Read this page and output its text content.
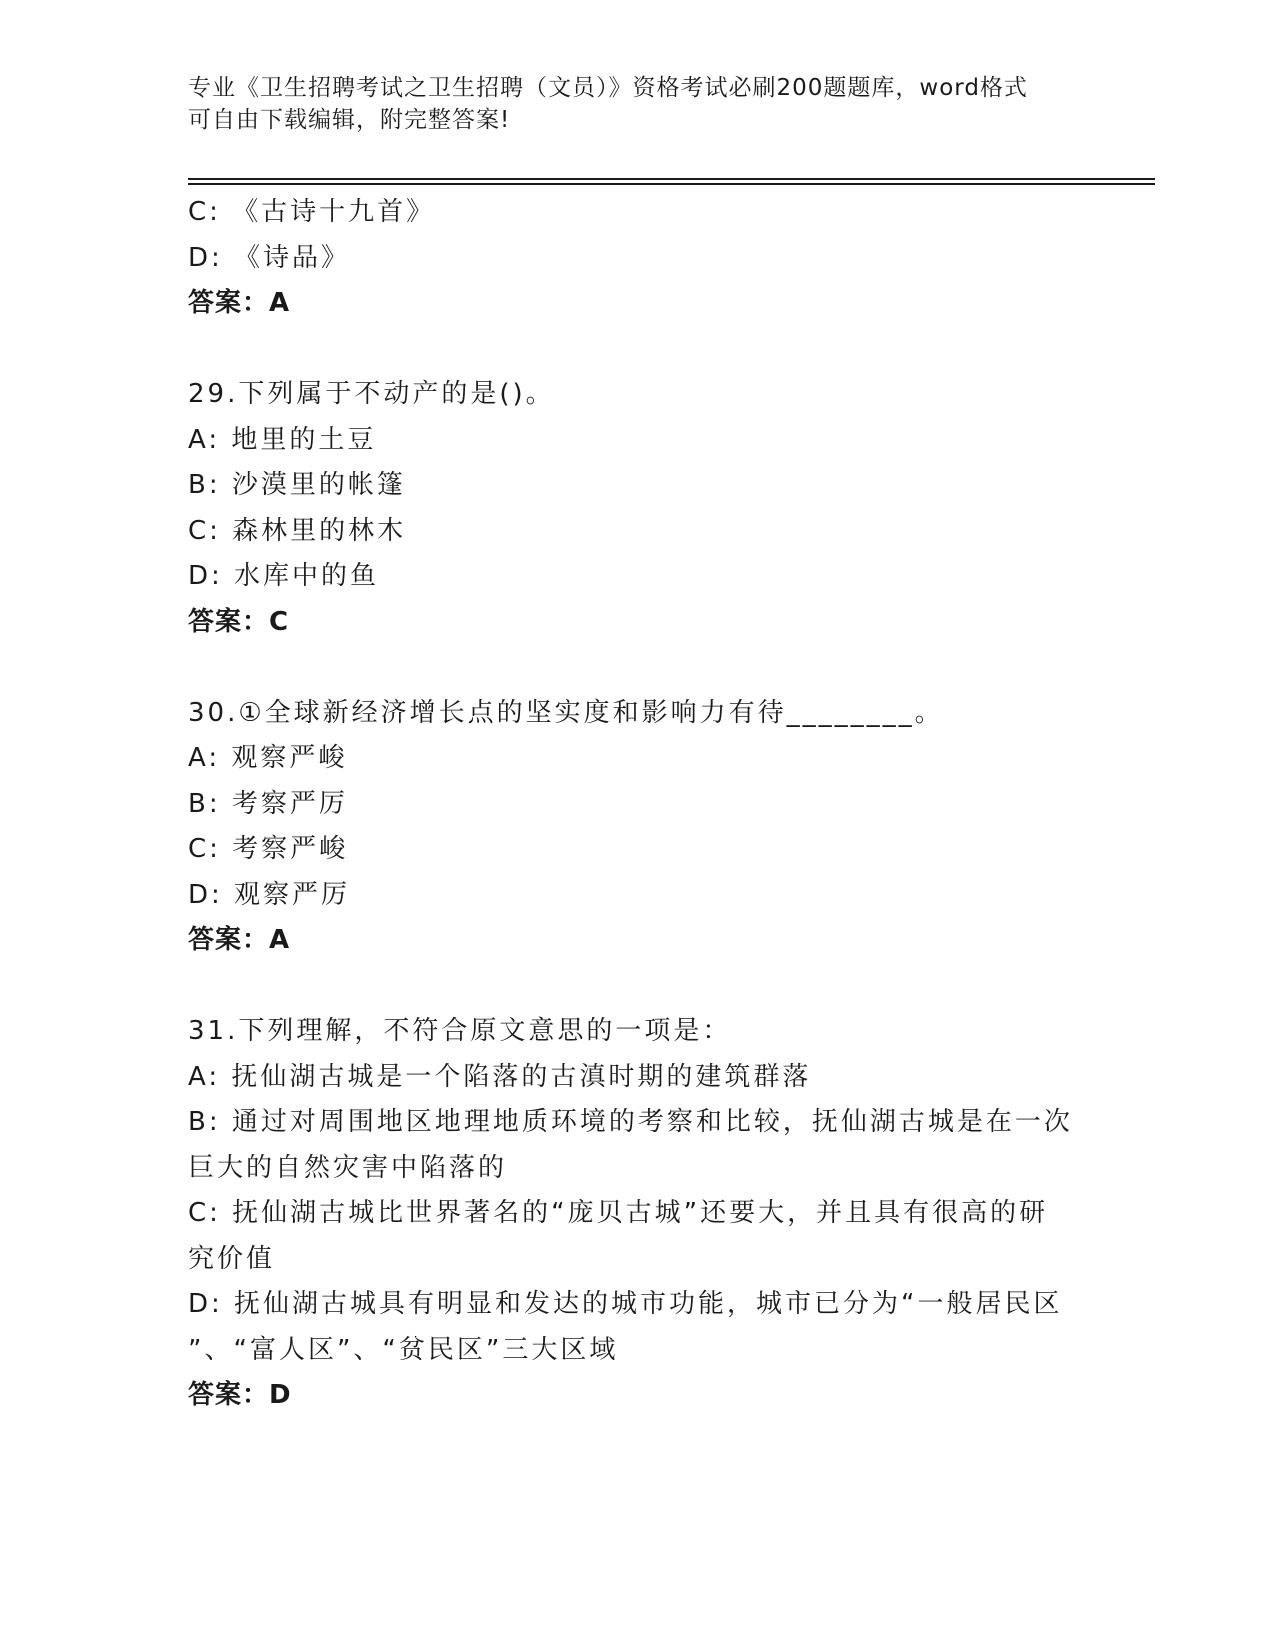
专业《卫生招聘考试之卫生招聘（文员）》资格考试必刷200题题库，word格式
可自由下载编辑，附完整答案!
C: 《古诗十九首》
D: 《诗品》
答案：A
29.下列属于不动产的是()。
A: 地里的土豆
B: 沙漠里的帐篷
C: 森林里的林木
D: 水库中的鱼
答案：C
30.①全球新经济增长点的坚实度和影响力有待________。
A: 观察严峻
B: 考察严厉
C: 考察严峻
D: 观察严厉
答案：A
31.下列理解，不符合原文意思的一项是：
A: 抚仙湖古城是一个陷落的古滇时期的建筑群落
B: 通过对周围地区地理地质环境的考察和比较，抚仙湖古城是在一次
巨大的自然灾害中陷落的
C: 抚仙湖古城比世界著名的“庞贝古城”还要大，并且具有很高的研
究价值
D: 抚仙湖古城具有明显和发达的城市功能，城市已分为“一般居民区
”、“富人区”、“贫民区”三大区域
答案：D
